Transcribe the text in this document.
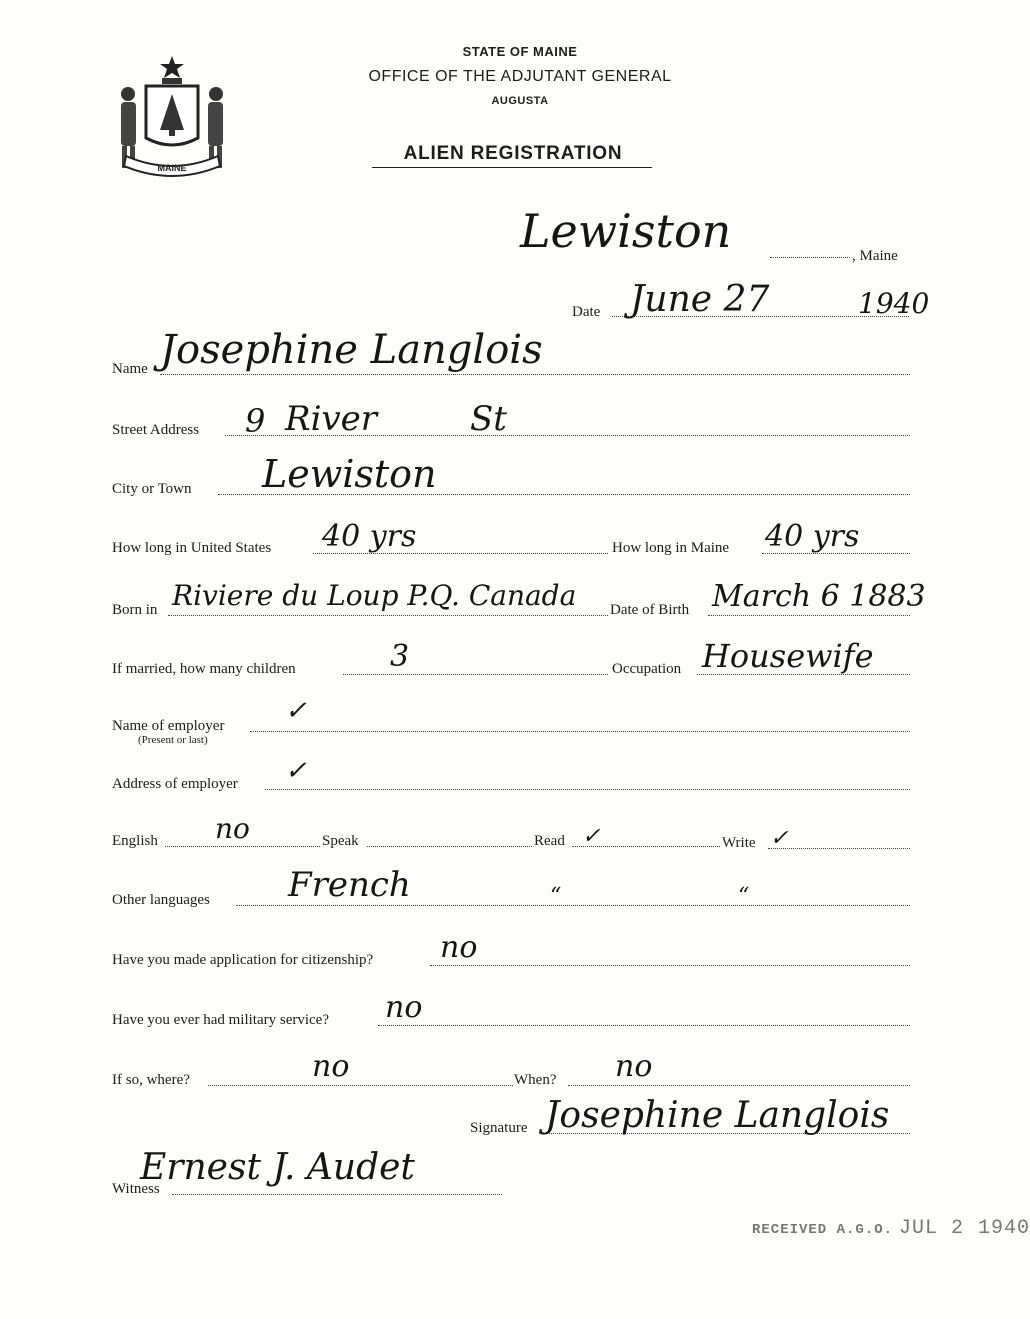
MAINE
STATE OF MAINE
OFFICE OF THE ADJUTANT GENERAL
AUGUSTA
ALIEN REGISTRATION
, Maine
Lewiston
Date June 27	1940
Name Josephine Langlois
Street Address 9 River	St
City or Town Lewiston
How long in United States 40 yrs	How long in Maine 40 yrs
Born in Riviere du Loup P.Q. Canada Date of Birth March 6 1883
If married, how many children	3	Occupation Housewife
Name of employer
(Present or last)
✓
Address of employer ✓
English no	Speak	Read ✓	Write ✓
Other languages French	“	“
Have you made application for citizenship? no
Have you ever had military service? no
If so, where?	no	When? no
Signature Josephine Langlois
Witness
Ernest J. Audet
RECEIVED A.G.O. JUL 2 1940
